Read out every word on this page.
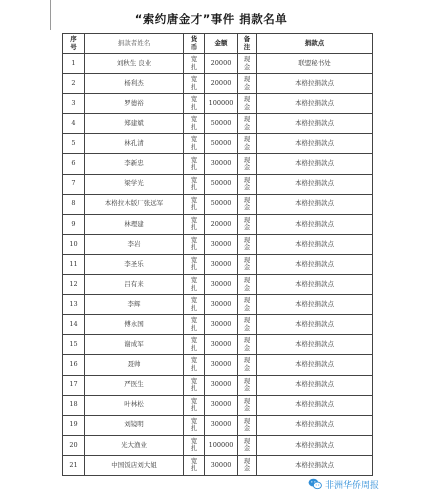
“索约唐金才”事件 捐款名单
序号	捐款者姓名	货币	金额	备注	捐款点
1	刘秋生 良业	宽扎	20000	现金	联盟秘书处
2	杨利杰	宽扎	20000	现金	本格拉捐款点
3	罗德裕	宽扎	100000	现金	本格拉捐款点
4	郑建斌	宽扎	50000	现金	本格拉捐款点
5	林孔清	宽扎	50000	现金	本格拉捐款点
6	李新忠	宽扎	30000	现金	本格拉捐款点
7	梁学光	宽扎	50000	现金	本格拉捐款点
8	本格拉木版厂张远军	宽扎	50000	现金	本格拉捐款点
9	林理建	宽扎	20000	现金	本格拉捐款点
10	李岩	宽扎	30000	现金	本格拉捐款点
11	李圣乐	宽扎	30000	现金	本格拉捐款点
12	吕有来	宽扎	30000	现金	本格拉捐款点
13	李辉	宽扎	30000	现金	本格拉捐款点
14	傅永国	宽扎	30000	现金	本格拉捐款点
15	谢成军	宽扎	30000	现金	本格拉捐款点
16	聂帅	宽扎	30000	现金	本格拉捐款点
17	严医生	宽扎	30000	现金	本格拉捐款点
18	叶林松	宽扎	30000	现金	本格拉捐款点
19	刘镜明	宽扎	30000	现金	本格拉捐款点
20	光大渔业	宽扎	100000	现金	本格拉捐款点
21	中国饭店刘大姐	宽扎	30000	现金	本格拉捐款点
非洲华侨周报
